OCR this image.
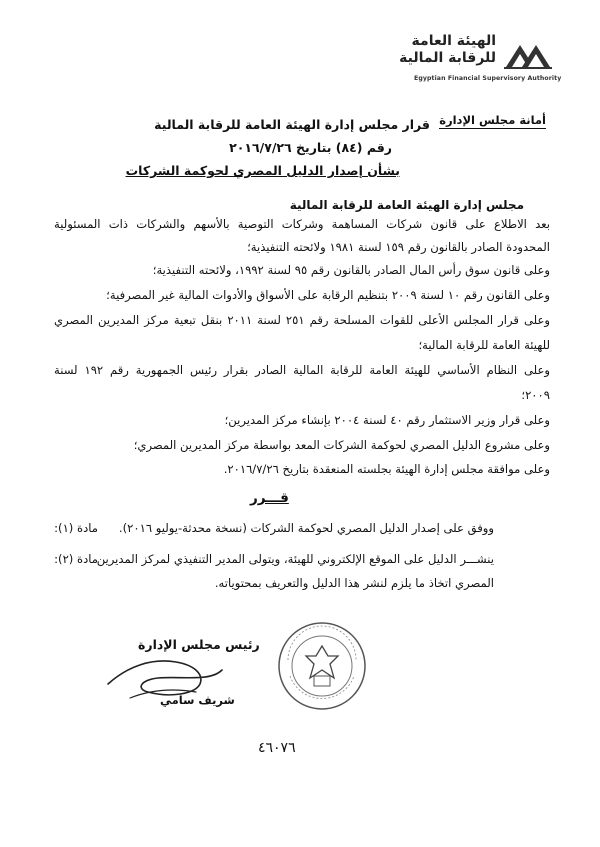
الهيئة العامة
للرقابة المالية
Egyptian Financial Supervisory Authority
أمانة مجلس الإدارة
قرار مجلس إدارة الهيئة العامة للرقابة المالية
رقم (٨٤) بتاريخ ٢٠١٦/٧/٢٦
بشأن إصدار الدليل المصري لحوكمة الشركات
مجلس إدارة الهيئة العامة للرقابة المالية
بعد الاطلاع على قانون شركات المساهمة وشركات التوصية بالأسهم والشركات ذات المسئولية
المحدودة الصادر بالقانون رقم ١٥٩ لسنة ١٩٨١ ولائحته التنفيذية؛
وعلى قانون سوق رأس المال الصادر بالقانون رقم ٩٥ لسنة ١٩٩٢، ولائحته التنفيذية؛
وعلى القانون رقم ١٠ لسنة ٢٠٠٩ بتنظيم الرقابة على الأسواق والأدوات المالية غير المصرفية؛
وعلى قرار المجلس الأعلى للقوات المسلحة رقم ٢٥١ لسنة ٢٠١١ بنقل تبعية مركز المديرين المصري
للهيئة العامة للرقابة المالية؛
وعلى النظام الأساسي للهيئة العامة للرقابة المالية الصادر بقرار رئيس الجمهورية رقم ١٩٢ لسنة
٢٠٠٩؛
وعلى قرار وزير الاستثمار رقم ٤٠ لسنة ٢٠٠٤ بإنشاء مركز المديرين؛
وعلى مشروع الدليل المصري لحوكمة الشركات المعد بواسطة مركز المديرين المصري؛
وعلى موافقة مجلس إدارة الهيئة بجلسته المنعقدة بتاريخ ٢٠١٦/٧/٢٦.
قـــرر
مادة (١): ووفق على إصدار الدليل المصري لحوكمة الشركات (نسخة محدثة-يوليو ٢٠١٦).
مادة (٢):
ينشـــر الدليل على الموقع الإلكتروني للهيئة، ويتولى المدير التنفيذي لمركز المديرين
المصري اتخاذ ما يلزم لنشر هذا الدليل والتعريف بمحتوياته.
رئيس مجلس الإدارة
شريف سامي
٤٦٠٧٦
